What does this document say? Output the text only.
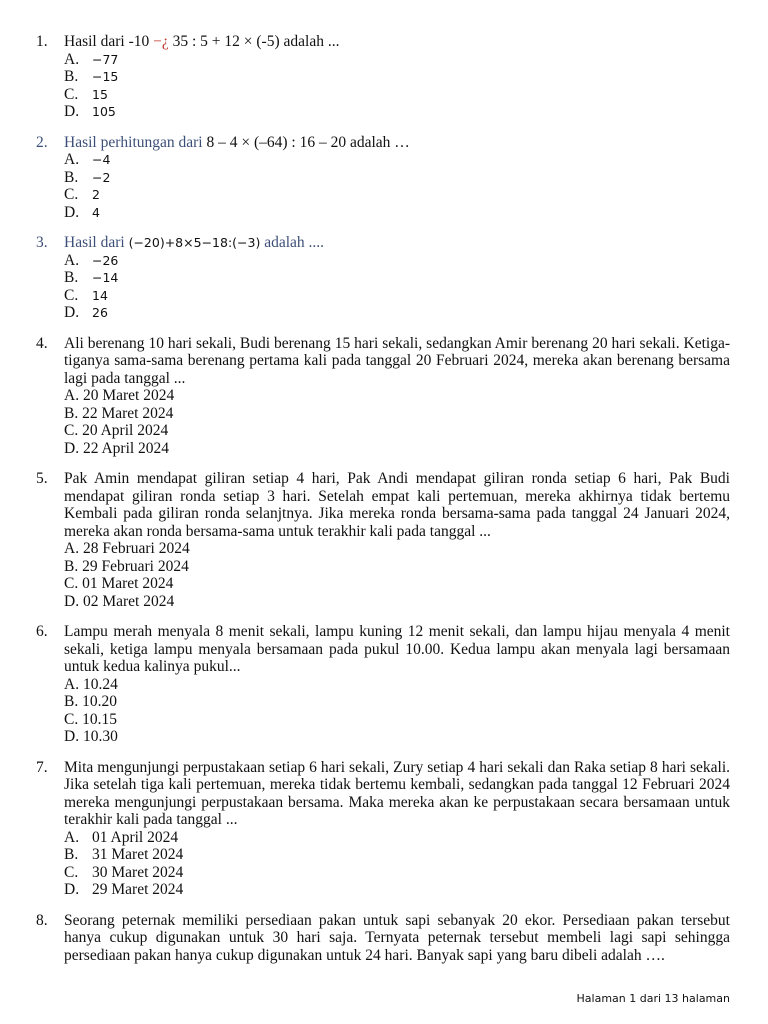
1. Hasil dari -10 −¿ 35 : 5 + 12 × (-5) adalah ...
A. −77
B. −15
C. 15
D. 105
2. Hasil perhitungan dari 8 – 4 × (–64) : 16 – 20 adalah …
A. −4
B. −2
C. 2
D. 4
3. Hasil dari (−20)+8×5−18:(−3) adalah ....
A. −26
B. −14
C. 14
D. 26
4. Ali berenang 10 hari sekali, Budi berenang 15 hari sekali, sedangkan Amir berenang 20 hari sekali. Ketiga-tiganya sama-sama berenang pertama kali pada tanggal 20 Februari 2024, mereka akan berenang bersama lagi pada tanggal ...
A. 20 Maret 2024
B. 22 Maret 2024
C. 20 April 2024
D. 22 April 2024
5. Pak Amin mendapat giliran setiap 4 hari, Pak Andi mendapat giliran ronda setiap 6 hari, Pak Budi mendapat giliran ronda setiap 3 hari. Setelah empat kali pertemuan, mereka akhirnya tidak bertemu Kembali pada giliran ronda selanjtnya. Jika mereka ronda bersama-sama pada tanggal 24 Januari 2024, mereka akan ronda bersama-sama untuk terakhir kali pada tanggal ...
A. 28 Februari 2024
B. 29 Februari 2024
C. 01 Maret 2024
D. 02 Maret 2024
6. Lampu merah menyala 8 menit sekali, lampu kuning 12 menit sekali, dan lampu hijau menyala 4 menit sekali, ketiga lampu menyala bersamaan pada pukul 10.00. Kedua lampu akan menyala lagi bersamaan untuk kedua kalinya pukul...
A. 10.24
B. 10.20
C. 10.15
D. 10.30
7. Mita mengunjungi perpustakaan setiap 6 hari sekali, Zury setiap 4 hari sekali dan Raka setiap 8 hari sekali. Jika setelah tiga kali pertemuan, mereka tidak bertemu kembali, sedangkan pada tanggal 12 Februari 2024 mereka mengunjungi perpustakaan bersama. Maka mereka akan ke perpustakaan secara bersamaan untuk terakhir kali pada tanggal ...
A. 01 April 2024
B. 31 Maret 2024
C. 30 Maret 2024
D. 29 Maret 2024
8. Seorang peternak memiliki persediaan pakan untuk sapi sebanyak 20 ekor. Persediaan pakan tersebut hanya cukup digunakan untuk 30 hari saja. Ternyata peternak tersebut membeli lagi sapi sehingga persediaan pakan hanya cukup digunakan untuk 24 hari. Banyak sapi yang baru dibeli adalah ….
Halaman 1 dari 13 halaman
